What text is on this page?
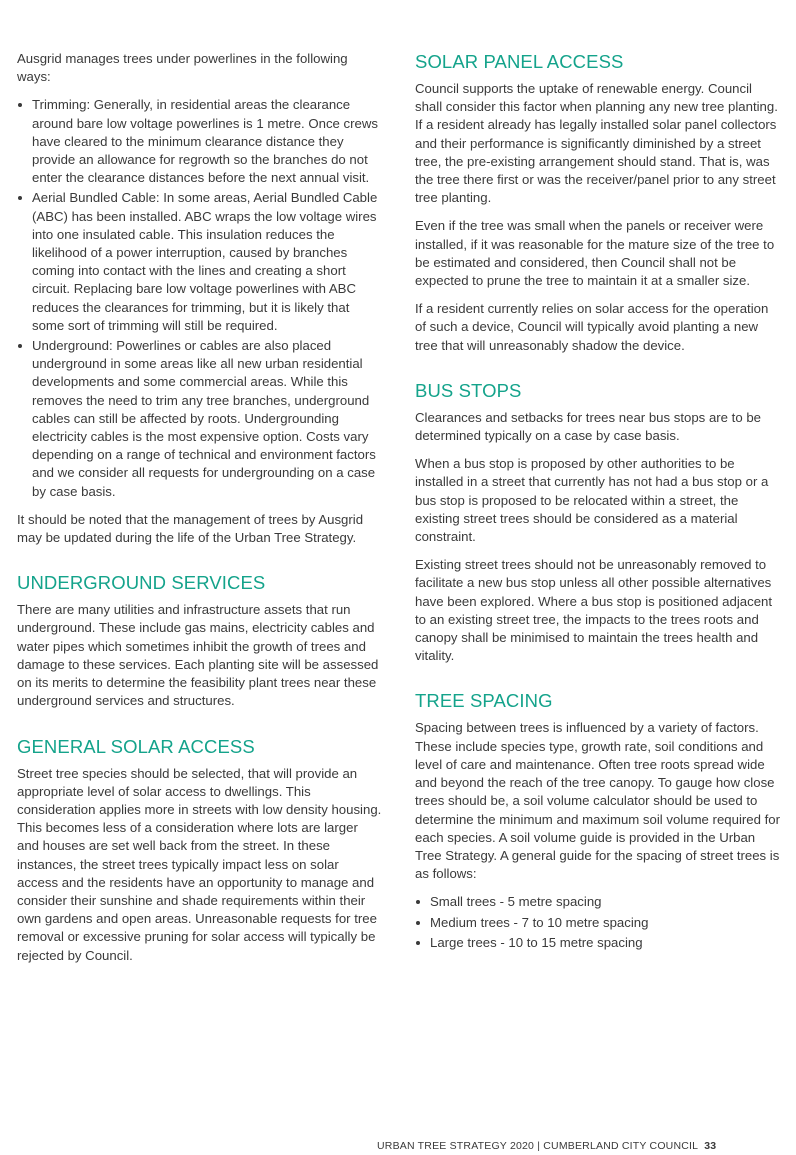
Ausgrid manages trees under powerlines in the following ways:

Trimming: Generally, in residential areas the clearance around bare low voltage powerlines is 1 metre. Once crews have cleared to the minimum clearance distance they provide an allowance for regrowth so the branches do not enter the clearance distances before the next annual visit.
Aerial Bundled Cable: In some areas, Aerial Bundled Cable (ABC) has been installed. ABC wraps the low voltage wires into one insulated cable. This insulation reduces the likelihood of a power interruption, caused by branches coming into contact with the lines and creating a short circuit. Replacing bare low voltage powerlines with ABC reduces the clearances for trimming, but it is likely that some sort of trimming will still be required.
Underground: Powerlines or cables are also placed underground in some areas like all new urban residential developments and some commercial areas. While this removes the need to trim any tree branches, underground cables can still be affected by roots. Undergrounding electricity cables is the most expensive option. Costs vary depending on a range of technical and environment factors and we consider all requests for undergrounding on a case by case basis.

It should be noted that the management of trees by Ausgrid may be updated during the life of the Urban Tree Strategy.

UNDERGROUND SERVICES

There are many utilities and infrastructure assets that run underground. These include gas mains, electricity cables and water pipes which sometimes inhibit the growth of trees and damage to these services. Each planting site will be assessed on its merits to determine the feasibility plant trees near these underground services and structures.

GENERAL SOLAR ACCESS

Street tree species should be selected, that will provide an appropriate level of solar access to dwellings. This consideration applies more in streets with low density housing. This becomes less of a consideration where lots are larger and houses are set well back from the street. In these instances, the street trees typically impact less on solar access and the residents have an opportunity to manage and consider their sunshine and shade requirements within their own gardens and open areas. Unreasonable requests for tree removal or excessive pruning for solar access will typically be rejected by Council.

SOLAR PANEL ACCESS

Council supports the uptake of renewable energy. Council shall consider this factor when planning any new tree planting. If a resident already has legally installed solar panel collectors and their performance is significantly diminished by a street tree, the pre-existing arrangement should stand. That is, was the tree there first or was the receiver/panel prior to any street tree planting.

Even if the tree was small when the panels or receiver were installed, if it was reasonable for the mature size of the tree to be estimated and considered, then Council shall not be expected to prune the tree to maintain it at a smaller size.

If a resident currently relies on solar access for the operation of such a device, Council will typically avoid planting a new tree that will unreasonably shadow the device.

BUS STOPS

Clearances and setbacks for trees near bus stops are to be determined typically on a case by case basis.

When a bus stop is proposed by other authorities to be installed in a street that currently has not had a bus stop or a bus stop is proposed to be relocated within a street, the existing street trees should be considered as a material constraint.

Existing street trees should not be unreasonably removed to facilitate a new bus stop unless all other possible alternatives have been explored. Where a bus stop is positioned adjacent to an existing street tree, the impacts to the trees roots and canopy shall be minimised to maintain the trees health and vitality.

TREE SPACING

Spacing between trees is influenced by a variety of factors. These include species type, growth rate, soil conditions and level of care and maintenance. Often tree roots spread wide and beyond the reach of the tree canopy. To gauge how close trees should be, a soil volume calculator should be used to determine the minimum and maximum soil volume required for each species. A soil volume guide is provided in the Urban Tree Strategy. A general guide for the spacing of street trees is as follows:

Small trees - 5 metre spacing
Medium trees - 7 to 10 metre spacing
Large trees - 10 to 15 metre spacing
URBAN TREE STRATEGY 2020 | CUMBERLAND CITY COUNCIL 33
